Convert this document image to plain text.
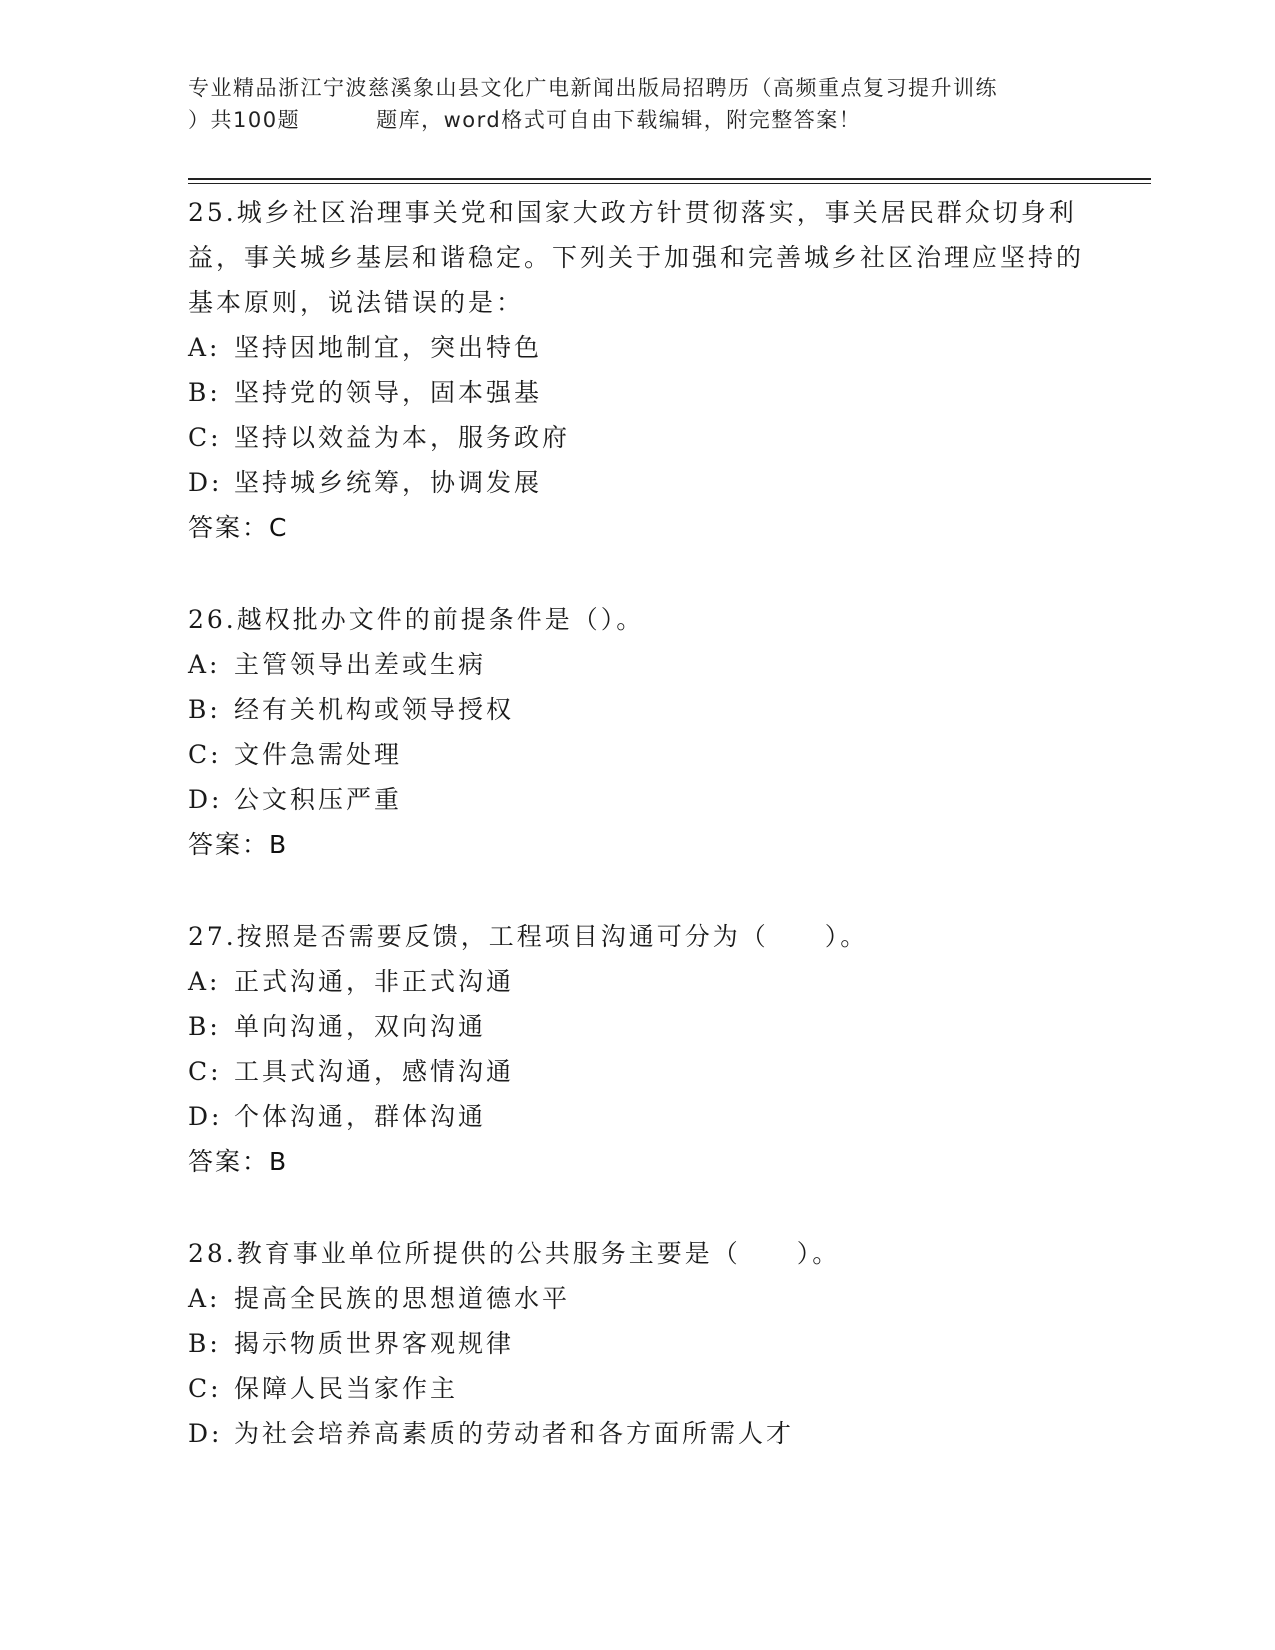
专业精品浙江宁波慈溪象山县文化广电新闻出版局招聘历（高频重点复习提升训练
）共100题	题库，word格式可自由下载编辑，附完整答案！
25.城乡社区治理事关党和国家大政方针贯彻落实，事关居民群众切身利益，事关城乡基层和谐稳定。下列关于加强和完善城乡社区治理应坚持的基本原则，说法错误的是：
A: 坚持因地制宜，突出特色
B: 坚持党的领导，固本强基
C: 坚持以效益为本，服务政府
D: 坚持城乡统筹，协调发展
答案：C
26.越权批办文件的前提条件是（）。
A: 主管领导出差或生病
B: 经有关机构或领导授权
C: 文件急需处理
D: 公文积压严重
答案：B
27.按照是否需要反馈，工程项目沟通可分为（　　）。
A: 正式沟通，非正式沟通
B: 单向沟通，双向沟通
C: 工具式沟通，感情沟通
D: 个体沟通，群体沟通
答案：B
28.教育事业单位所提供的公共服务主要是（　　）。
A: 提高全民族的思想道德水平
B: 揭示物质世界客观规律
C: 保障人民当家作主
D: 为社会培养高素质的劳动者和各方面所需人才
